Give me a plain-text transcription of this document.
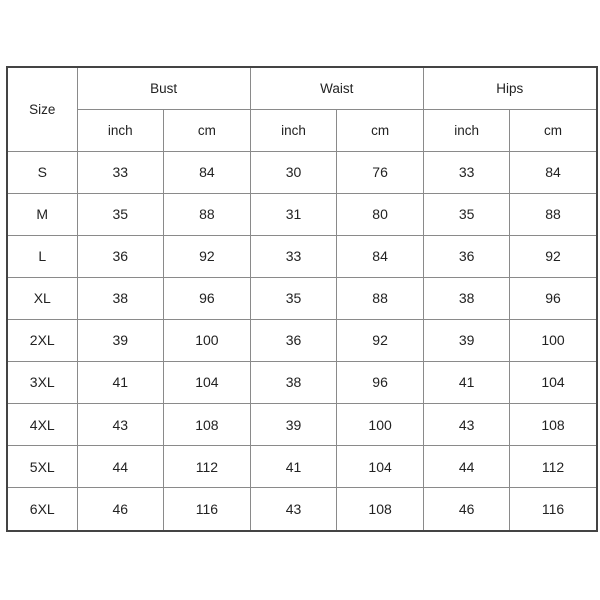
Size	Bust		Waist		Hips	
	inch	cm	inch	cm	inch	cm
S	33	84	30	76	33	84
M	35	88	31	80	35	88
L	36	92	33	84	36	92
XL	38	96	35	88	38	96
2XL	39	100	36	92	39	100
3XL	41	104	38	96	41	104
4XL	43	108	39	100	43	108
5XL	44	112	41	104	44	112
6XL	46	116	43	108	46	116
